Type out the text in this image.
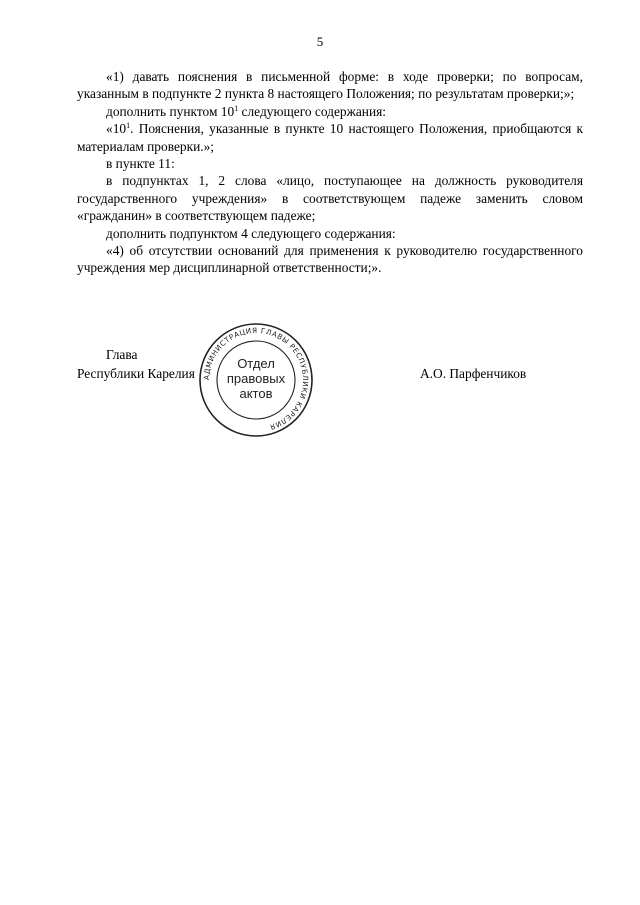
5

«1) давать пояснения в письменной форме: в ходе проверки; по вопросам, указанным в подпункте 2 пункта 8 настоящего Положения; по результатам проверки;»;

дополнить пунктом $10^1$ следующего содержания:

«$10^1$. Пояснения, указанные в пункте 10 настоящего Положения, приобщаются к материалам проверки.»;

в пункте 11:

в подпунктах 1, 2 слова «лицо, поступающее на должность руководителя государственного учреждения» в соответствующем падеже заменить словом «гражданин» в соответствующем падеже;

дополнить подпунктом 4 следующего содержания:

«4) об отсутствии оснований для применения к руководителю государственного учреждения мер дисциплинарной ответственности;».

Глава
Республики Карелия	А.О. Парфенчиков
АДМИНИСТРАЦИЯ ГЛАВЫ РЕСПУБЛИКИ КАРЕЛИЯ
Отдел
правовых
актов
